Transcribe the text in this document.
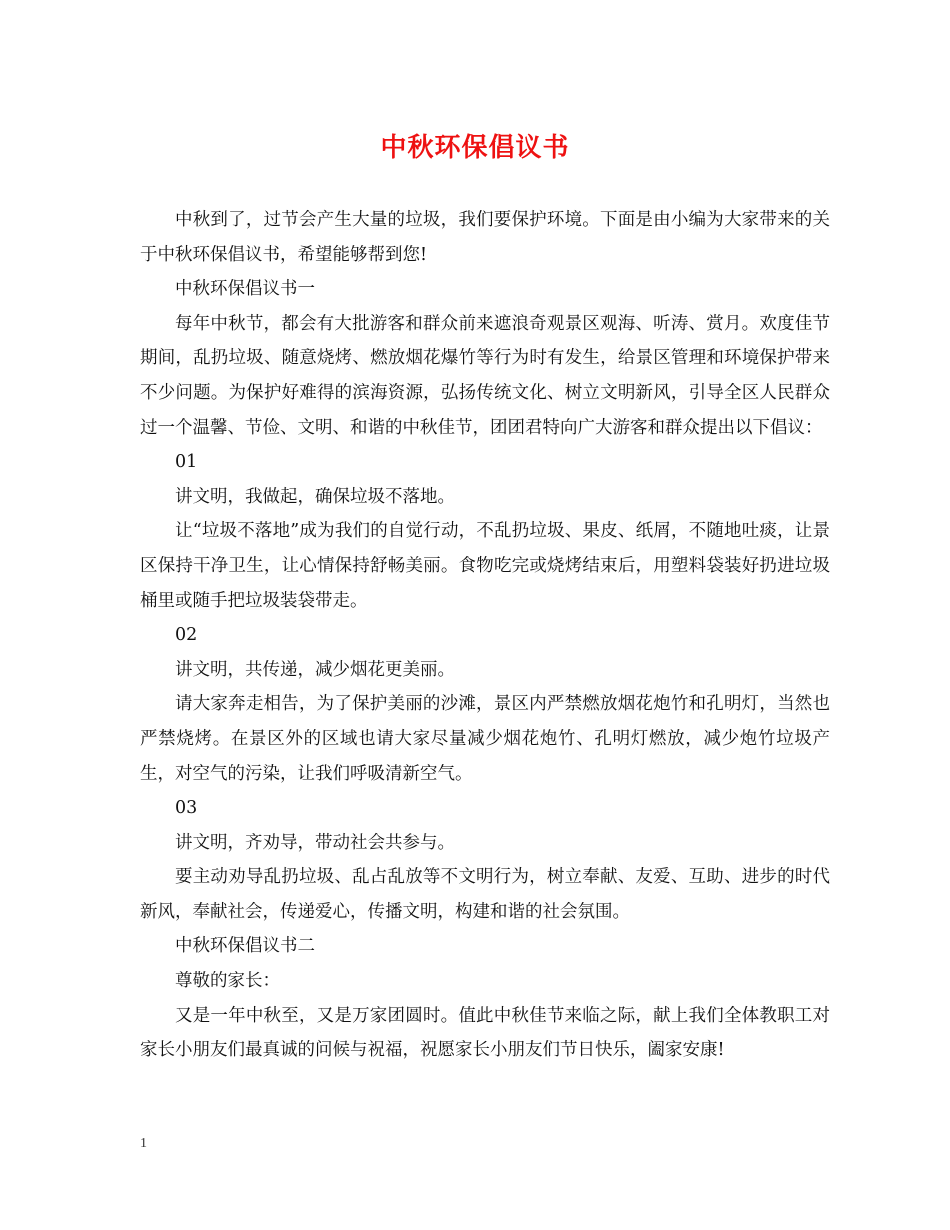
中秋环保倡议书

中秋到了，过节会产生大量的垃圾，我们要保护环境。下面是由小编为大家带来的关于中秋环保倡议书，希望能够帮到您!

中秋环保倡议书一

每年中秋节，都会有大批游客和群众前来遮浪奇观景区观海、听涛、赏月。欢度佳节期间，乱扔垃圾、随意烧烤、燃放烟花爆竹等行为时有发生，给景区管理和环境保护带来不少问题。为保护好难得的滨海资源，弘扬传统文化、树立文明新风，引导全区人民群众过一个温馨、节俭、文明、和谐的中秋佳节，团团君特向广大游客和群众提出以下倡议：

01

讲文明，我做起，确保垃圾不落地。

让“垃圾不落地”成为我们的自觉行动，不乱扔垃圾、果皮、纸屑，不随地吐痰，让景区保持干净卫生，让心情保持舒畅美丽。食物吃完或烧烤结束后，用塑料袋装好扔进垃圾桶里或随手把垃圾装袋带走。

02

讲文明，共传递，减少烟花更美丽。

请大家奔走相告，为了保护美丽的沙滩，景区内严禁燃放烟花炮竹和孔明灯，当然也严禁烧烤。在景区外的区域也请大家尽量减少烟花炮竹、孔明灯燃放，减少炮竹垃圾产生，对空气的污染，让我们呼吸清新空气。

03

讲文明，齐劝导，带动社会共参与。

要主动劝导乱扔垃圾、乱占乱放等不文明行为，树立奉献、友爱、互助、进步的时代新风，奉献社会，传递爱心，传播文明，构建和谐的社会氛围。

中秋环保倡议书二

尊敬的家长：

又是一年中秋至，又是万家团圆时。值此中秋佳节来临之际，献上我们全体教职工对家长小朋友们最真诚的问候与祝福，祝愿家长小朋友们节日快乐，阖家安康!

1
